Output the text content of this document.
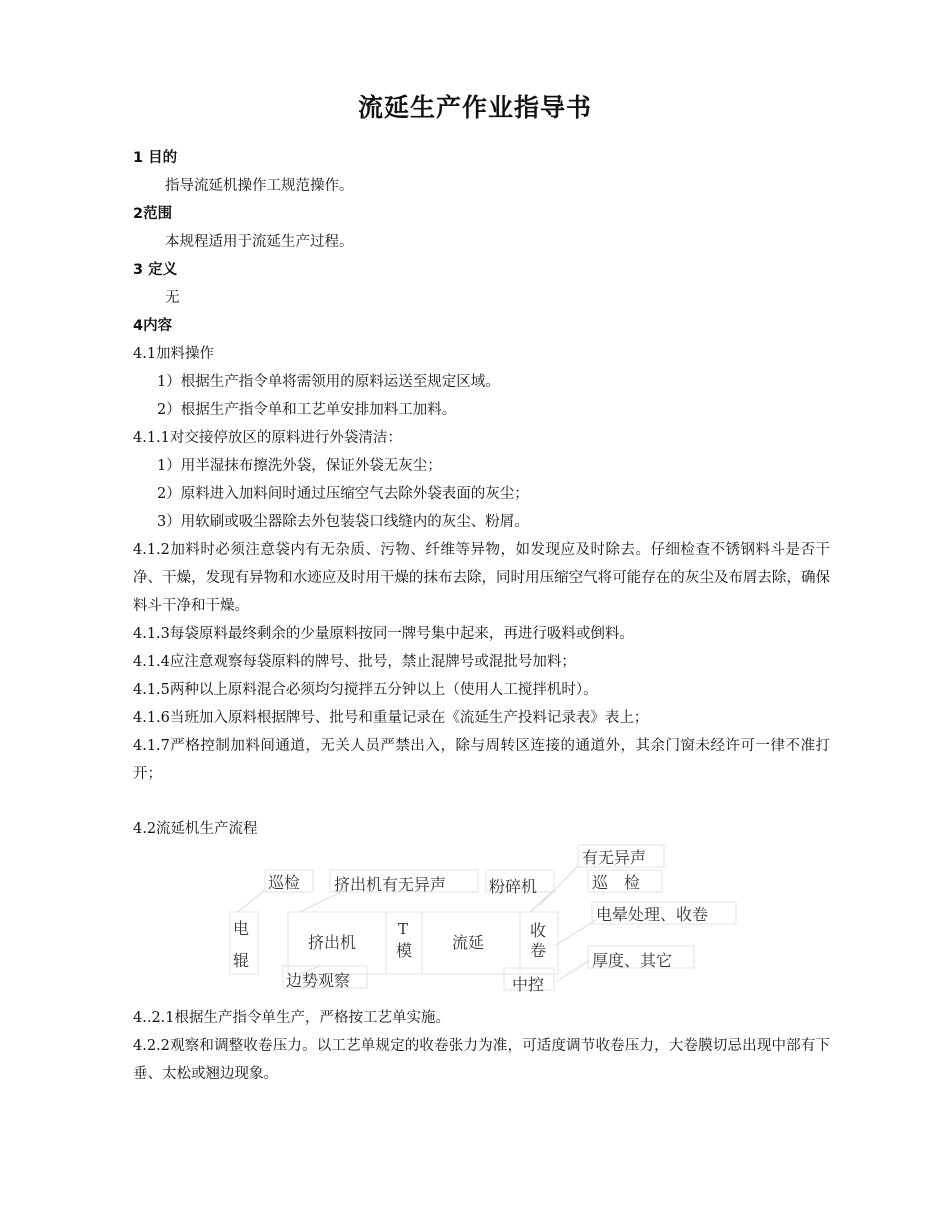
流延生产作业指导书
1 目的
指导流延机操作工规范操作。
2范围
本规程适用于流延生产过程。
3 定义
无
4内容
4.1加料操作
1）根据生产指令单将需领用的原料运送至规定区域。
2）根据生产指令单和工艺单安排加料工加料。
4.1.1对交接停放区的原料进行外袋清洁：
1）用半湿抹布擦洗外袋，保证外袋无灰尘；
2）原料进入加料间时通过压缩空气去除外袋表面的灰尘；
3）用软刷或吸尘器除去外包装袋口线缝内的灰尘、粉屑。
4.1.2加料时必须注意袋内有无杂质、污物、纤维等异物，如发现应及时除去。仔细检查不锈钢料斗是否干净、干燥，发现有异物和水迹应及时用干燥的抹布去除，同时用压缩空气将可能存在的灰尘及布屑去除，确保料斗干净和干燥。
4.1.3每袋原料最终剩余的少量原料按同一牌号集中起来，再进行吸料或倒料。
4.1.4应注意观察每袋原料的牌号、批号，禁止混牌号或混批号加料；
4.1.5两种以上原料混合必须均匀搅拌五分钟以上（使用人工搅拌机时）。
4.1.6当班加入原料根据牌号、批号和重量记录在《流延生产投料记录表》表上；
4.1.7严格控制加料间通道，无关人员严禁出入，除与周转区连接的通道外，其余门窗未经许可一律不准打开；
4.2流延机生产流程
电
辊
挤出机
T
模 流延
收
卷
中控
巡检 挤出机有无异声	粉碎机
有无异声
巡　检
电晕处理、收卷
厚度、其它
边势观察
4..2.1根据生产指令单生产，严格按工艺单实施。
4.2.2观察和调整收卷压力。以工艺单规定的收卷张力为准，可适度调节收卷压力，大卷膜切忌出现中部有下垂、太松或翘边现象。
